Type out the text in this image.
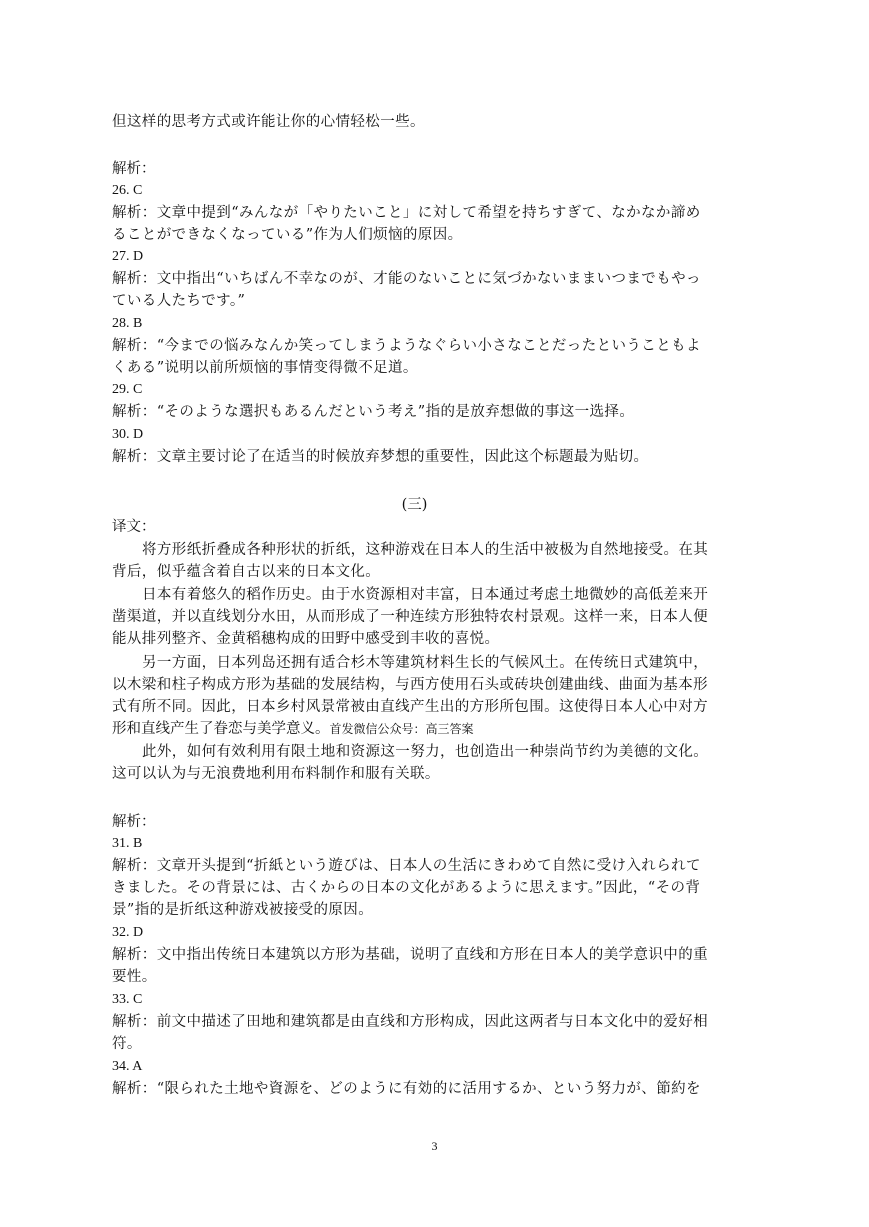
但这样的思考方式或许能让你的心情轻松一些。
解析：
26. C
解析：文章中提到“みんなが「やりたいこと」に対して希望を持ちすぎて、なかなか諦め
ることができなくなっている”作为人们烦恼的原因。
27. D
解析：文中指出“いちばん不幸なのが、才能のないことに気づかないままいつまでもやっ
ている人たちです。”
28. B
解析：“今までの悩みなんか笑ってしまうようなぐらい小さなことだったということもよ
くある”说明以前所烦恼的事情变得微不足道。
29. C
解析：“そのような選択もあるんだという考え”指的是放弃想做的事这一选择。
30. D
解析：文章主要讨论了在适当的时候放弃梦想的重要性，因此这个标题最为贴切。
(三)
译文：
将方形纸折叠成各种形状的折纸，这种游戏在日本人的生活中被极为自然地接受。在其
背后，似乎蕴含着自古以来的日本文化。
日本有着悠久的稻作历史。由于水资源相对丰富，日本通过考虑土地微妙的高低差来开
凿渠道，并以直线划分水田，从而形成了一种连续方形独特农村景观。这样一来，日本人便
能从排列整齐、金黄稻穗构成的田野中感受到丰收的喜悦。
另一方面，日本列岛还拥有适合杉木等建筑材料生长的气候风土。在传统日式建筑中，
以木梁和柱子构成方形为基础的发展结构，与西方使用石头或砖块创建曲线、曲面为基本形
式有所不同。因此，日本乡村风景常被由直线产生出的方形所包围。这使得日本人心中对方
形和直线产生了眷恋与美学意义。首发微信公众号：高三答案
此外，如何有效利用有限土地和资源这一努力，也创造出一种崇尚节约为美德的文化。
这可以认为与无浪费地利用布料制作和服有关联。
解析：
31. B
解析：文章开头提到“折紙という遊びは、日本人の生活にきわめて自然に受け入れられて
きました。その背景には、古くからの日本の文化があるように思えます。”因此，“その背
景”指的是折纸这种游戏被接受的原因。
32. D
解析：文中指出传统日本建筑以方形为基础，说明了直线和方形在日本人的美学意识中的重
要性。
33. C
解析：前文中描述了田地和建筑都是由直线和方形构成，因此这两者与日本文化中的爱好相
符。
34. A
解析：“限られた土地や資源を、どのように有効的に活用するか、という努力が、節約を
3
